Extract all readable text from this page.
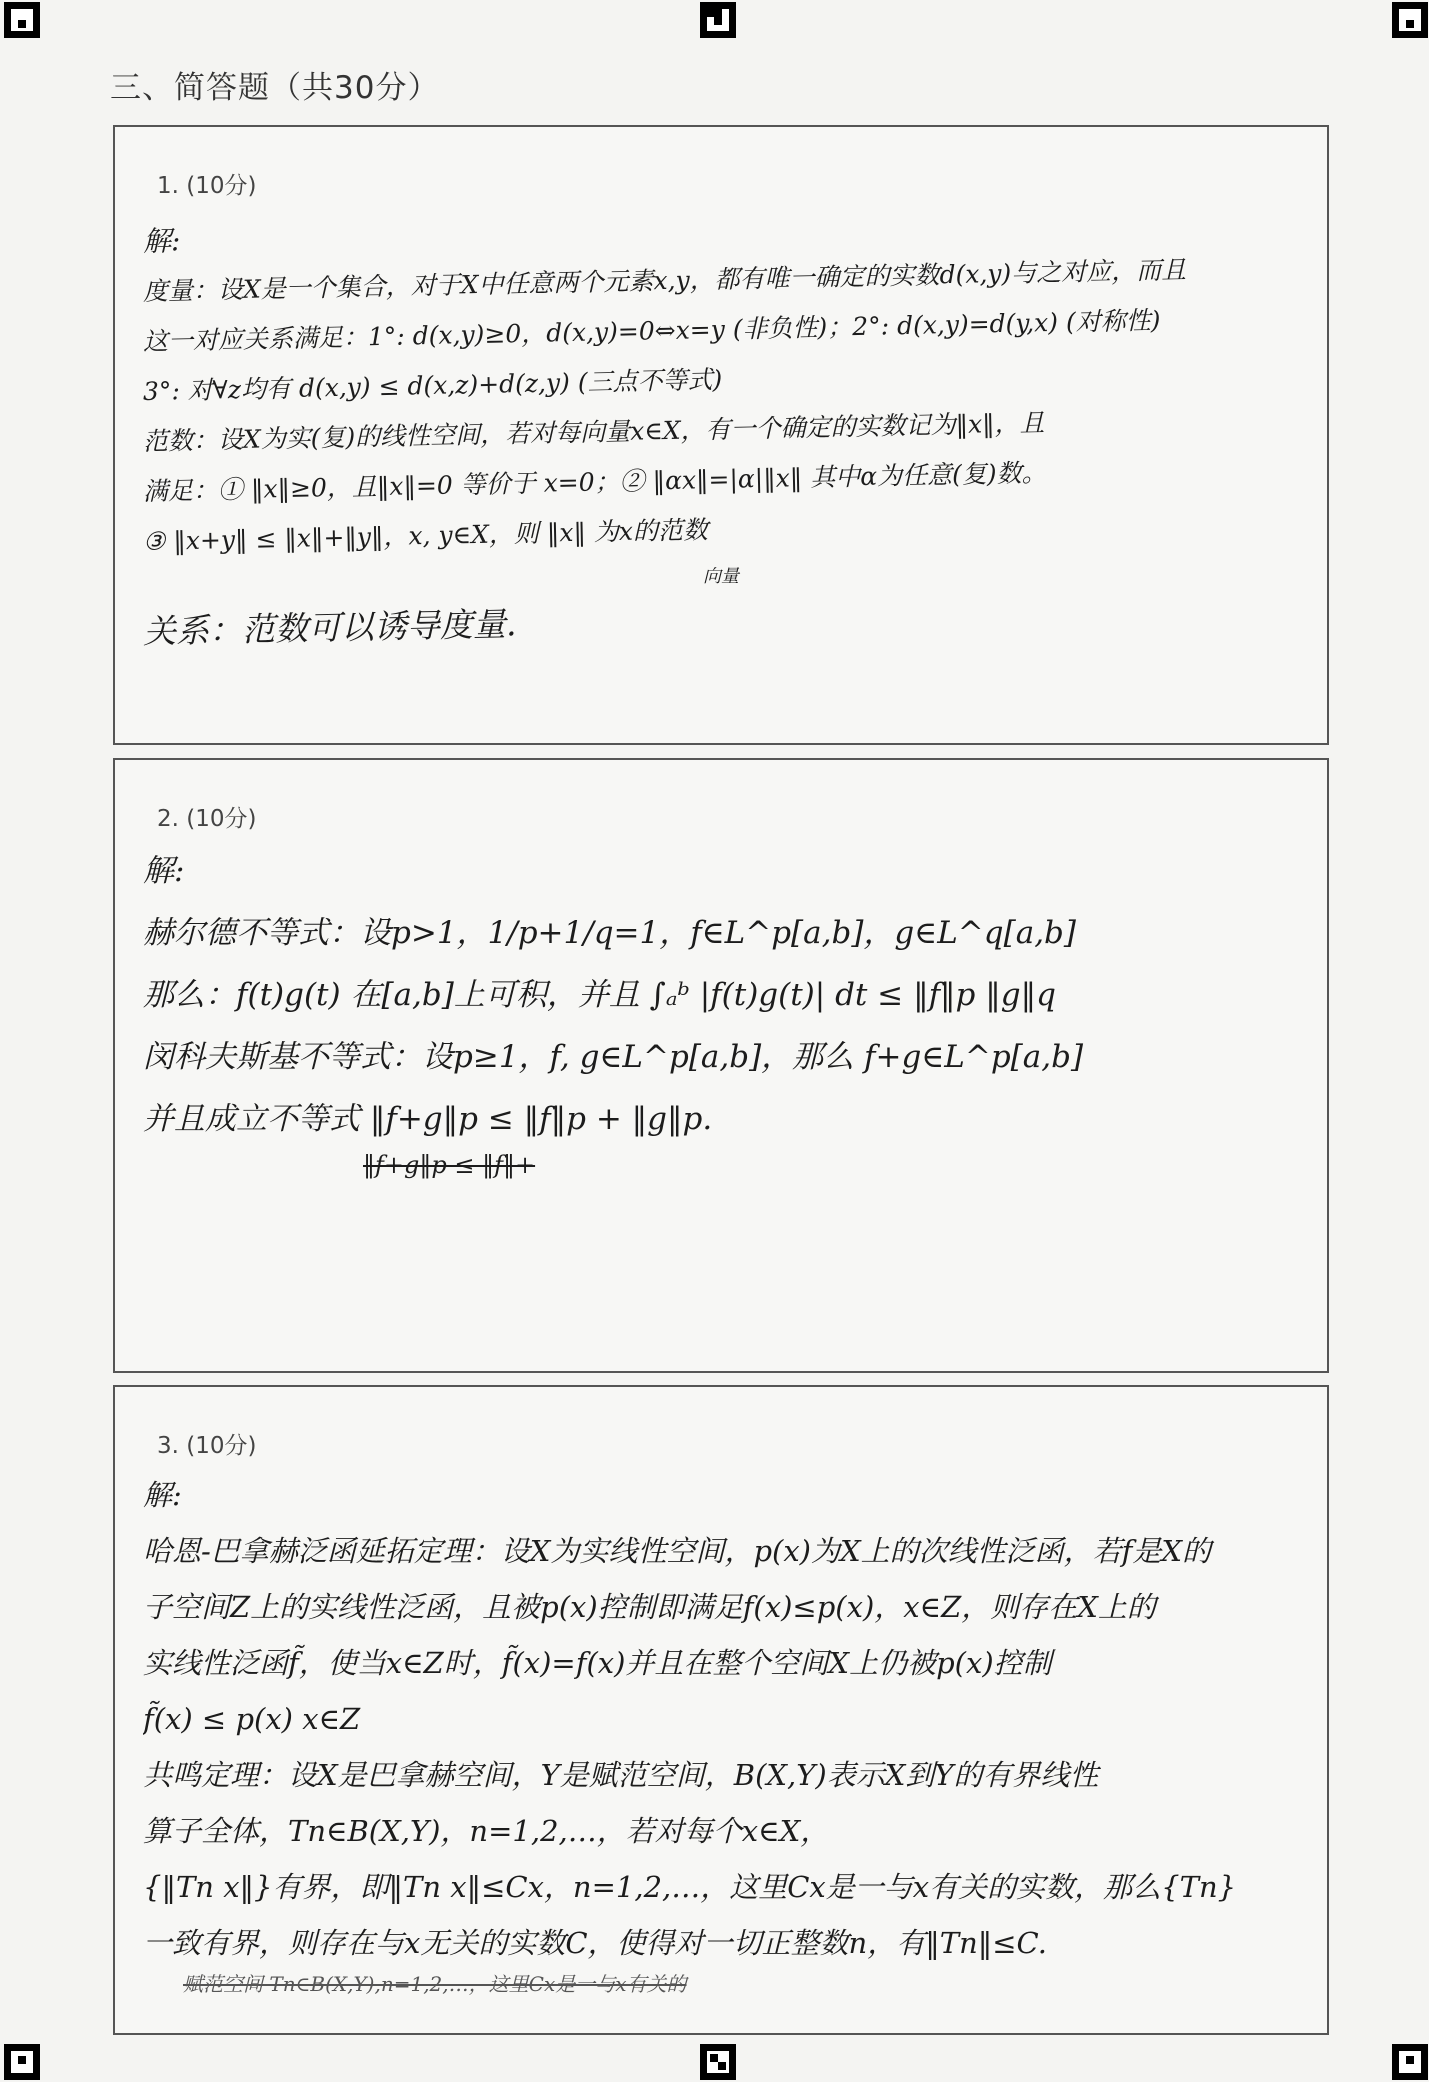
三、简答题（共30分）
1. (10分)
解:
度量：设X是一个集合，对于X中任意两个元素x,y，都有唯一确定的实数d(x,y)与之对应，而且
这一对应关系满足：1°: d(x,y)≥0，d(x,y)=0⇔x=y (非负性)；2°: d(x,y)=d(y,x) (对称性)
3°: 对∀z均有 d(x,y) ≤ d(x,z)+d(z,y) (三点不等式)
范数：设X为实(复)的线性空间，若对每向量x∈X，有一个确定的实数记为‖x‖，且
满足：① ‖x‖≥0，且‖x‖=0 等价于 x=0；② ‖αx‖=|α|‖x‖ 其中α为任意(复)数。
③ ‖x+y‖ ≤ ‖x‖+‖y‖，x, y∈X，则 ‖x‖ 为x的范数
向量
关系：范数可以诱导度量.
2. (10分)
解:
赫尔德不等式：设p>1，1/p+1/q=1，f∈L^p[a,b]，g∈L^q[a,b]
那么：f(t)g(t) 在[a,b]上可积，并且 ∫ₐᵇ |f(t)g(t)| dt ≤ ‖f‖p ‖g‖q
闵科夫斯基不等式：设p≥1，f, g∈L^p[a,b]，那么 f+g∈L^p[a,b]
并且成立不等式 ‖f+g‖p ≤ ‖f‖p + ‖g‖p.
‖f+g‖p ≤ ‖f‖+
3. (10分)
解:
哈恩-巴拿赫泛函延拓定理：设X为实线性空间，p(x)为X上的次线性泛函，若f是X的
子空间Z上的实线性泛函，且被p(x)控制即满足f(x)≤p(x)，x∈Z，则存在X上的
实线性泛函f̃，使当x∈Z时，f̃(x)=f(x)并且在整个空间X上仍被p(x)控制
f̃(x) ≤ p(x) x∈Z
共鸣定理：设X是巴拿赫空间，Y是赋范空间，B(X,Y)表示X到Y的有界线性
算子全体，Tn∈B(X,Y)，n=1,2,…，若对每个x∈X，
{‖Tn x‖}有界，即‖Tn x‖≤Cx，n=1,2,…，这里Cx是一与x有关的实数，那么{Tn}
一致有界，则存在与x无关的实数C，使得对一切正整数n，有‖Tn‖≤C.
赋范空间 Tn∈B(X,Y),n=1,2,…，这里Cx是一与x有关的
